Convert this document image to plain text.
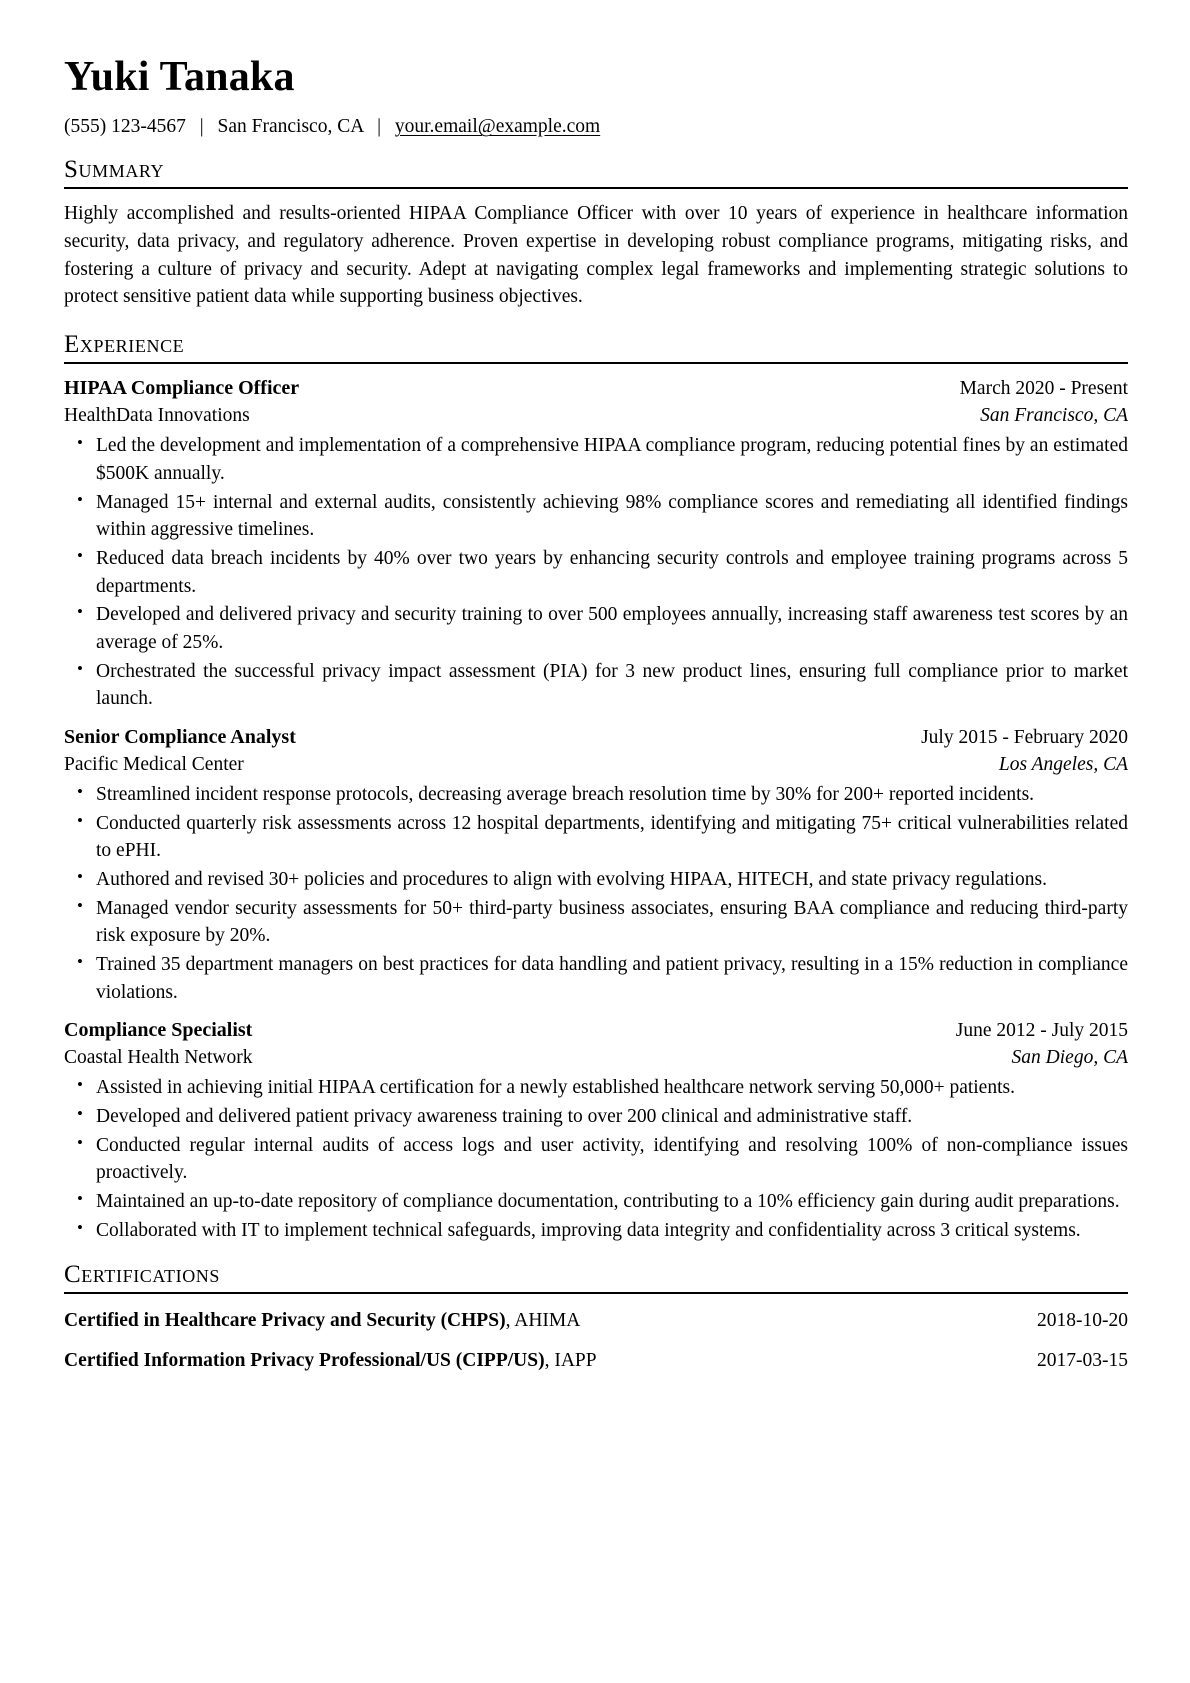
Yuki Tanaka
(555) 123-4567 | San Francisco, CA | your.email@example.com
Summary

Highly accomplished and results-oriented HIPAA Compliance Officer with over 10 years of experience in healthcare information security, data privacy, and regulatory adherence. Proven expertise in developing robust compliance programs, mitigating risks, and fostering a culture of privacy and security. Adept at navigating complex legal frameworks and implementing strategic solutions to protect sensitive patient data while supporting business objectives.

Experience
HIPAA Compliance Officer	March 2020 - Present
HealthData Innovations	San Francisco, CA
• Led the development and implementation of a comprehensive HIPAA compliance program, reducing potential fines by an estimated $500K annually.
• Managed 15+ internal and external audits, consistently achieving 98% compliance scores and remediating all identified findings within aggressive timelines.
• Reduced data breach incidents by 40% over two years by enhancing security controls and employee training programs across 5 departments.
• Developed and delivered privacy and security training to over 500 employees annually, increasing staff awareness test scores by an average of 25%.
• Orchestrated the successful privacy impact assessment (PIA) for 3 new product lines, ensuring full compliance prior to market launch.
Senior Compliance Analyst	July 2015 - February 2020
Pacific Medical Center	Los Angeles, CA
• Streamlined incident response protocols, decreasing average breach resolution time by 30% for 200+ reported incidents.
• Conducted quarterly risk assessments across 12 hospital departments, identifying and mitigating 75+ critical vulnerabilities related to ePHI.
• Authored and revised 30+ policies and procedures to align with evolving HIPAA, HITECH, and state privacy regulations.
• Managed vendor security assessments for 50+ third-party business associates, ensuring BAA compliance and reducing third-party risk exposure by 20%.
• Trained 35 department managers on best practices for data handling and patient privacy, resulting in a 15% reduction in compliance violations.
Compliance Specialist	June 2012 - July 2015
Coastal Health Network	San Diego, CA
• Assisted in achieving initial HIPAA certification for a newly established healthcare network serving 50,000+ patients.
• Developed and delivered patient privacy awareness training to over 200 clinical and administrative staff.
• Conducted regular internal audits of access logs and user activity, identifying and resolving 100% of non-compliance issues proactively.
• Maintained an up-to-date repository of compliance documentation, contributing to a 10% efficiency gain during audit preparations.
• Collaborated with IT to implement technical safeguards, improving data integrity and confidentiality across 3 critical systems.
Certifications
Certified in Healthcare Privacy and Security (CHPS), AHIMA	2018-10-20
Certified Information Privacy Professional/US (CIPP/US), IAPP	2017-03-15
